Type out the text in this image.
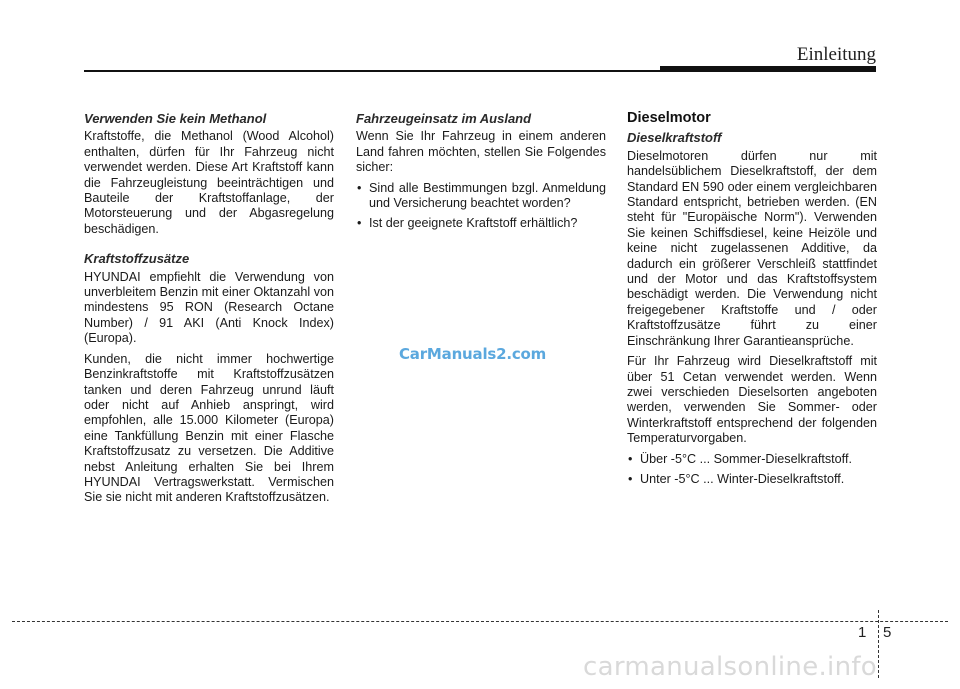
Einleitung
Verwenden Sie kein Methanol

Kraftstoffe, die Methanol (Wood Alcohol) enthalten, dürfen für Ihr Fahrzeug nicht verwendet werden. Diese Art Kraftstoff kann die Fahrzeugleistung beeinträchtigen und Bauteile der Kraftstoffanlage, der Motorsteuerung und der Abgasregelung beschädigen.

Kraftstoffzusätze

HYUNDAI empfiehlt die Verwendung von unverbleitem Benzin mit einer Oktanzahl von mindestens 95 RON (Research Octane Number) / 91 AKI (Anti Knock Index) (Europa).

Kunden, die nicht immer hochwertige Benzinkraftstoffe mit Kraftstoffzusätzen tanken und deren Fahrzeug unrund läuft oder nicht auf Anhieb anspringt, wird empfohlen, alle 15.000 Kilometer (Europa) eine Tankfüllung Benzin mit einer Flasche Kraftstoffzusatz zu versetzen. Die Additive nebst Anleitung erhalten Sie bei Ihrem HYUNDAI Vertragswerkstatt. Vermischen Sie sie nicht mit anderen Kraftstoffzusätzen.

Fahrzeugeinsatz im Ausland

Wenn Sie Ihr Fahrzeug in einem anderen Land fahren möchten, stellen Sie Folgendes sicher:

• Sind alle Bestimmungen bzgl. Anmeldung und Versicherung beachtet worden?
• Ist der geeignete Kraftstoff erhältlich?
Dieselmotor
Dieselkraftstoff

Dieselmotoren dürfen nur mit handelsüblichem Dieselkraftstoff, der dem Standard EN 590 oder einem vergleichbaren Standard entspricht, betrieben werden. (EN steht für "Europäische Norm"). Verwenden Sie keinen Schiffsdiesel, keine Heizöle und keine nicht zugelassenen Additive, da dadurch ein größerer Verschleiß stattfindet und der Motor und das Kraftstoffsystem beschädigt werden. Die Verwendung nicht freigegebener Kraftstoffe und / oder Kraftstoffzusätze führt zu einer Einschränkung Ihrer Garantieansprüche.

Für Ihr Fahrzeug wird Dieselkraftstoff mit über 51 Cetan verwendet werden. Wenn zwei verschieden Dieselsorten angeboten werden, verwenden Sie Sommer- oder Winterkraftstoff entsprechend der folgenden Temperaturvorgaben.

• Über -5°C ... Sommer-Dieselkraftstoff.
• Unter -5°C ... Winter-Dieselkraftstoff.
CarManuals2.com
1 5
carmanualsonline.info
